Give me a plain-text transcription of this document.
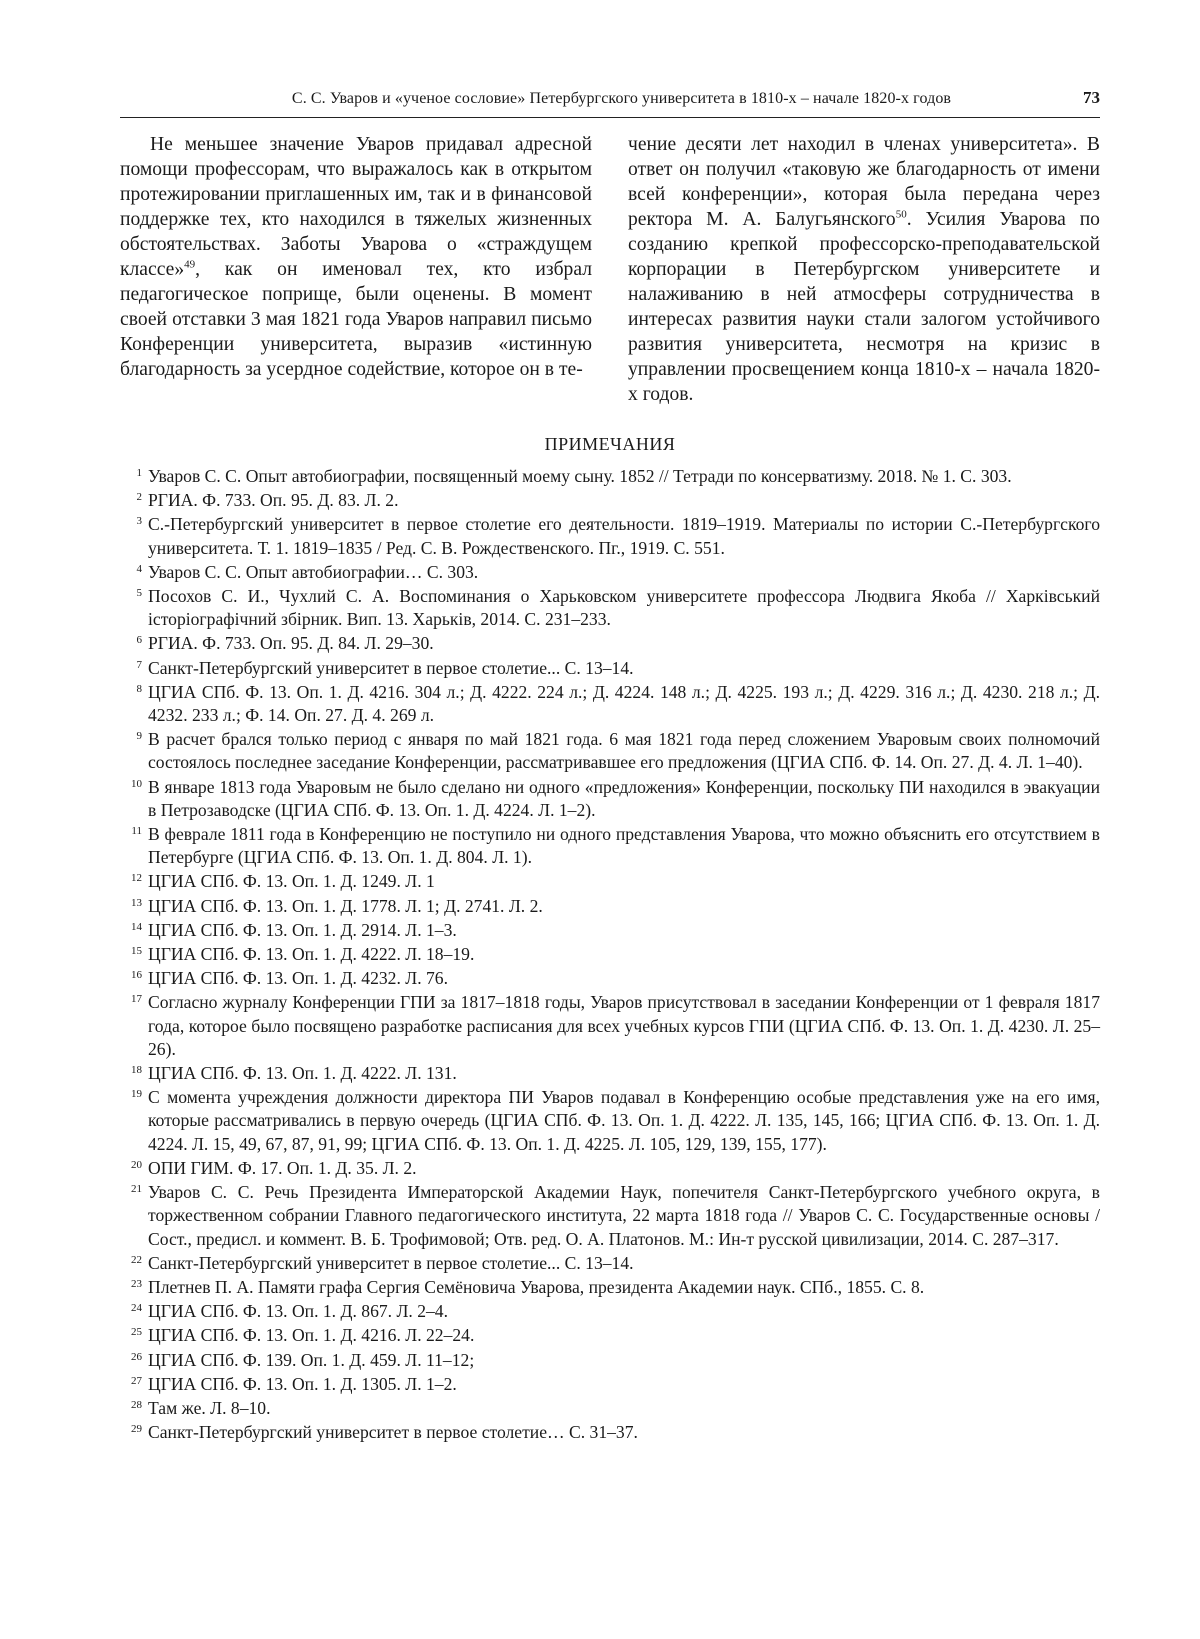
С. С. Уваров и «ученое сословие» Петербургского университета в 1810-х – начале 1820-х годов	73

Не меньшее значение Уваров придавал адресной помощи профессорам, что выражалось как в открытом протежировании приглашенных им, так и в финансовой поддержке тех, кто находился в тяжелых жизненных обстоятельствах. Заботы Уварова о «страждущем классе»$^{49}$, как он именовал тех, кто избрал педагогическое поприще, были оценены. В момент своей отставки 3 мая 1821 года Уваров направил письмо Конференции университета, выразив «истинную благодарность за усердное содействие, которое он в те-

чение десяти лет находил в членах университета». В ответ он получил «таковую же благодарность от имени всей конференции», которая была передана через ректора М. А. Балугьянского$^{50}$. Усилия Уварова по созданию крепкой профессорско-преподавательской корпорации в Петербургском университете и налаживанию в ней атмосферы сотрудничества в интересах развития науки стали залогом устойчивого развития университета, несмотря на кризис в управлении просвещением конца 1810-х – начала 1820-х годов.

ПРИМЕЧАНИЯ
1 Уваров С. С. Опыт автобиографии, посвященный моему сыну. 1852 // Тетради по консерватизму. 2018. № 1. С. 303.
2 РГИА. Ф. 733. Оп. 95. Д. 83. Л. 2.
3 С.-Петербургский университет в первое столетие его деятельности. 1819–1919. Материалы по истории С.-Петербургского университета. Т. 1. 1819–1835 / Ред. С. В. Рождественского. Пг., 1919. С. 551.
4 Уваров С. С. Опыт автобиографии… С. 303.
5 Посохов С. И., Чухлий С. А. Воспоминания о Харьковском университете профессора Людвига Якоба // Харківський історіографічний збірник. Вип. 13. Харьків, 2014. С. 231–233.
6 РГИА. Ф. 733. Оп. 95. Д. 84. Л. 29–30.
7 Санкт-Петербургский университет в первое столетие... С. 13–14.
8 ЦГИА СПб. Ф. 13. Оп. 1. Д. 4216. 304 л.; Д. 4222. 224 л.; Д. 4224. 148 л.; Д. 4225. 193 л.; Д. 4229. 316 л.; Д. 4230. 218 л.; Д. 4232. 233 л.; Ф. 14. Оп. 27. Д. 4. 269 л.
9 В расчет брался только период с января по май 1821 года. 6 мая 1821 года перед сложением Уваровым своих полномочий состоялось последнее заседание Конференции, рассматривавшее его предложения (ЦГИА СПб. Ф. 14. Оп. 27. Д. 4. Л. 1–40).
10 В январе 1813 года Уваровым не было сделано ни одного «предложения» Конференции, поскольку ПИ находился в эвакуации в Петрозаводске (ЦГИА СПб. Ф. 13. Оп. 1. Д. 4224. Л. 1–2).
11 В феврале 1811 года в Конференцию не поступило ни одного представления Уварова, что можно объяснить его отсутствием в Петербурге (ЦГИА СПб. Ф. 13. Оп. 1. Д. 804. Л. 1).
12 ЦГИА СПб. Ф. 13. Оп. 1. Д. 1249. Л. 1
13 ЦГИА СПб. Ф. 13. Оп. 1. Д. 1778. Л. 1; Д. 2741. Л. 2.
14 ЦГИА СПб. Ф. 13. Оп. 1. Д. 2914. Л. 1–3.
15 ЦГИА СПб. Ф. 13. Оп. 1. Д. 4222. Л. 18–19.
16 ЦГИА СПб. Ф. 13. Оп. 1. Д. 4232. Л. 76.
17 Согласно журналу Конференции ГПИ за 1817–1818 годы, Уваров присутствовал в заседании Конференции от 1 февраля 1817 года, которое было посвящено разработке расписания для всех учебных курсов ГПИ (ЦГИА СПб. Ф. 13. Оп. 1. Д. 4230. Л. 25–26).
18 ЦГИА СПб. Ф. 13. Оп. 1. Д. 4222. Л. 131.
19 С момента учреждения должности директора ПИ Уваров подавал в Конференцию особые представления уже на его имя, которые рассматривались в первую очередь (ЦГИА СПб. Ф. 13. Оп. 1. Д. 4222. Л. 135, 145, 166; ЦГИА СПб. Ф. 13. Оп. 1. Д. 4224. Л. 15, 49, 67, 87, 91, 99; ЦГИА СПб. Ф. 13. Оп. 1. Д. 4225. Л. 105, 129, 139, 155, 177).
20 ОПИ ГИМ. Ф. 17. Оп. 1. Д. 35. Л. 2.
21 Уваров С. С. Речь Президента Императорской Академии Наук, попечителя Санкт-Петербургского учебного округа, в торжественном собрании Главного педагогического института, 22 марта 1818 года // Уваров С. С. Государственные основы / Сост., предисл. и коммент. В. Б. Трофимовой; Отв. ред. О. А. Платонов. М.: Ин-т русской цивилизации, 2014. С. 287–317.
22 Санкт-Петербургский университет в первое столетие... С. 13–14.
23 Плетнев П. А. Памяти графа Сергия Семёновича Уварова, президента Академии наук. СПб., 1855. С. 8.
24 ЦГИА СПб. Ф. 13. Оп. 1. Д. 867. Л. 2–4.
25 ЦГИА СПб. Ф. 13. Оп. 1. Д. 4216. Л. 22–24.
26 ЦГИА СПб. Ф. 139. Оп. 1. Д. 459. Л. 11–12;
27 ЦГИА СПб. Ф. 13. Оп. 1. Д. 1305. Л. 1–2.
28 Там же. Л. 8–10.
29 Санкт-Петербургский университет в первое столетие… С. 31–37.
